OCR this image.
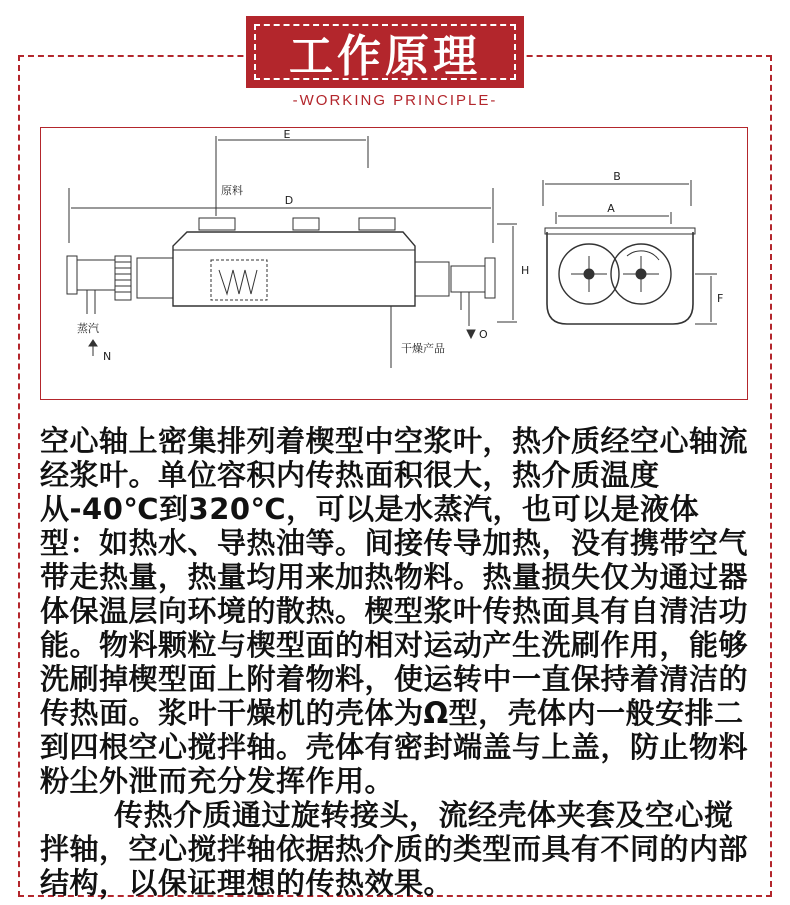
工作原理
-WORKING PRINCIPLE-
E
D
原料
H
B
A
F
蒸汽
N
O
干燥产品

空心轴上密集排列着楔型中空浆叶，热介质经空心轴流经浆叶。单位容积内传热面积很大，热介质温度从-40℃到320℃，可以是水蒸汽，也可以是液体型：如热水、导热油等。间接传导加热，没有携带空气带走热量，热量均用来加热物料。热量损失仅为通过器体保温层向环境的散热。楔型浆叶传热面具有自清洁功能。物料颗粒与楔型面的相对运动产生洗刷作用，能够洗刷掉楔型面上附着物料，使运转中一直保持着清洁的传热面。浆叶干燥机的壳体为Ω型，壳体内一般安排二到四根空心搅拌轴。壳体有密封端盖与上盖，防止物料粉尘外泄而充分发挥作用。

传热介质通过旋转接头，流经壳体夹套及空心搅拌轴，空心搅拌轴依据热介质的类型而具有不同的内部结构，以保证理想的传热效果。
